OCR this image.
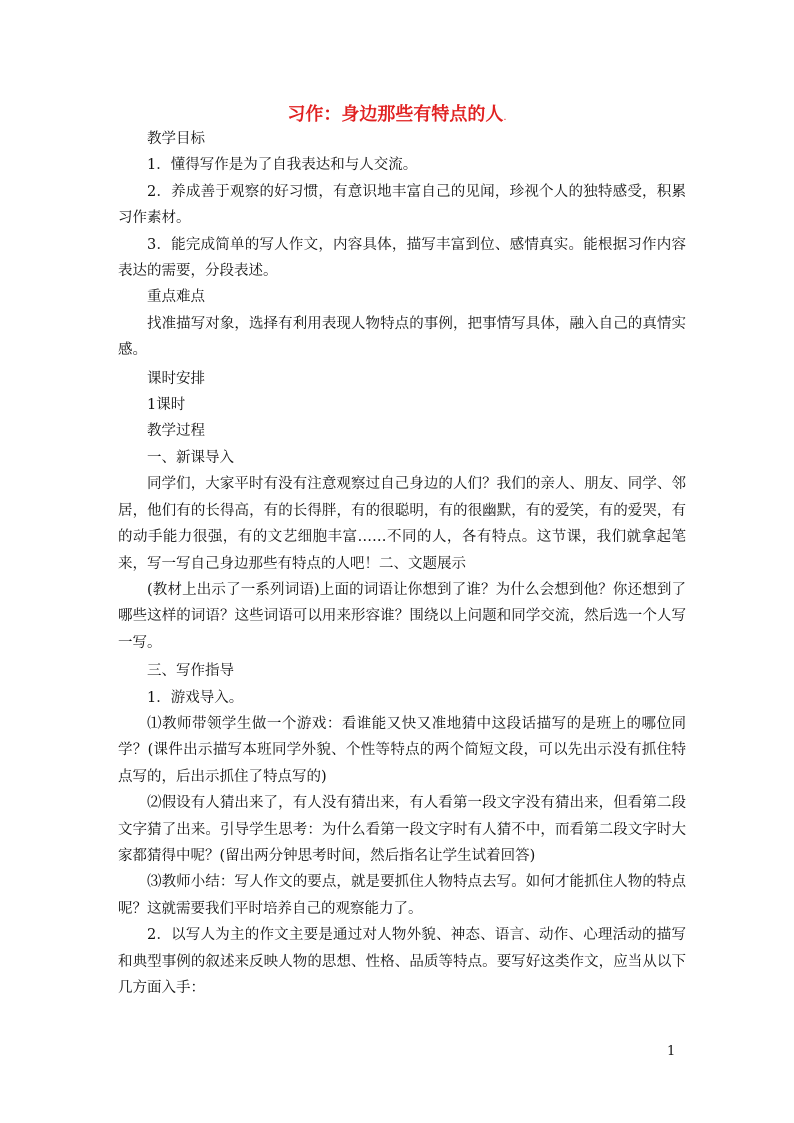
习作：身边那些有特点的人.

教学目标

1．懂得写作是为了自我表达和与人交流。

2．养成善于观察的好习惯，有意识地丰富自己的见闻，珍视个人的独特感受，积累习作素材。

3．能完成简单的写人作文，内容具体，描写丰富到位、感情真实。能根据习作内容表达的需要，分段表述。

重点难点

找准描写对象，选择有利用表现人物特点的事例，把事情写具体，融入自己的真情实感。

课时安排

1课时

教学过程

一、新课导入

同学们，大家平时有没有注意观察过自己身边的人们？我们的亲人、朋友、同学、邻居，他们有的长得高，有的长得胖，有的很聪明，有的很幽默，有的爱笑，有的爱哭，有的动手能力很强，有的文艺细胞丰富……不同的人，各有特点。这节课，我们就拿起笔来，写一写自己身边那些有特点的人吧！二、文题展示

(教材上出示了一系列词语)上面的词语让你想到了谁？为什么会想到他？你还想到了哪些这样的词语？这些词语可以用来形容谁？围绕以上问题和同学交流，然后选一个人写一写。

三、写作指导

1．游戏导入。

⑴教师带领学生做一个游戏：看谁能又快又准地猜中这段话描写的是班上的哪位同学？(课件出示描写本班同学外貌、个性等特点的两个简短文段，可以先出示没有抓住特点写的，后出示抓住了特点写的)

⑵假设有人猜出来了，有人没有猜出来，有人看第一段文字没有猜出来，但看第二段文字猜了出来。引导学生思考：为什么看第一段文字时有人猜不中，而看第二段文字时大家都猜得中呢？(留出两分钟思考时间，然后指名让学生试着回答)

⑶教师小结：写人作文的要点，就是要抓住人物特点去写。如何才能抓住人物的特点呢？这就需要我们平时培养自己的观察能力了。

2．以写人为主的作文主要是通过对人物外貌、神态、语言、动作、心理活动的描写和典型事例的叙述来反映人物的思想、性格、品质等特点。要写好这类作文，应当从以下几方面入手：

1
